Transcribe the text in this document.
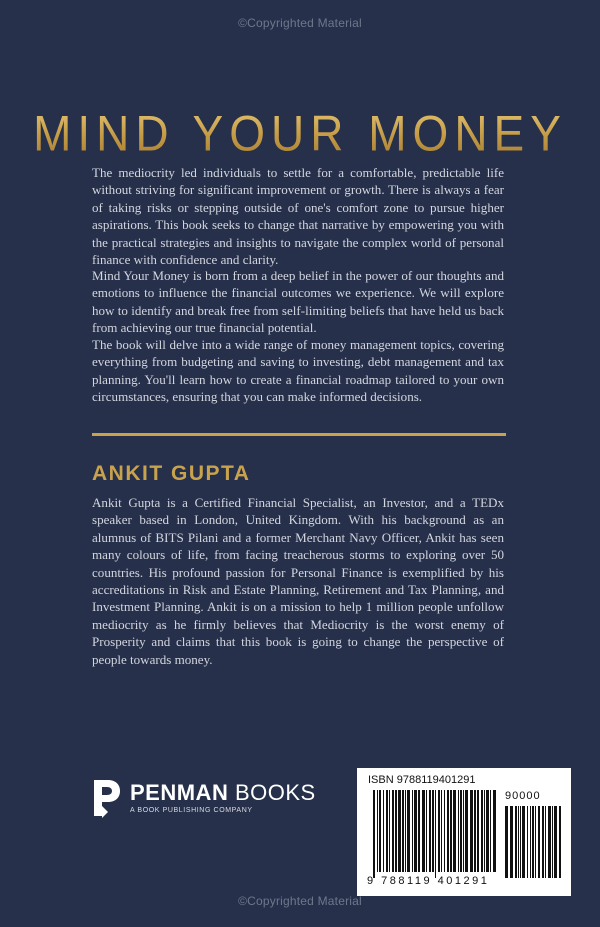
©Copyrighted Material
MIND YOUR MONEY

The mediocrity led individuals to settle for a comfortable, predictable life without striving for significant improvement or growth. There is always a fear of taking risks or stepping outside of one's comfort zone to pursue higher aspirations. This book seeks to change that narrative by empowering you with the practical strategies and insights to navigate the complex world of personal finance with confidence and clarity.

Mind Your Money is born from a deep belief in the power of our thoughts and emotions to influence the financial outcomes we experience. We will explore how to identify and break free from self-limiting beliefs that have held us back from achieving our true financial potential.

The book will delve into a wide range of money management topics, covering everything from budgeting and saving to investing, debt management and tax planning. You'll learn how to create a financial roadmap tailored to your own circumstances, ensuring that you can make informed decisions.

ANKIT GUPTA

Ankit Gupta is a Certified Financial Specialist, an Investor, and a TEDx speaker based in London, United Kingdom. With his background as an alumnus of BITS Pilani and a former Merchant Navy Officer, Ankit has seen many colours of life, from facing treacherous storms to exploring over 50 countries. His profound passion for Personal Finance is exemplified by his accreditations in Risk and Estate Planning, Retirement and Tax Planning, and Investment Planning. Ankit is on a mission to help 1 million people unfollow mediocrity as he firmly believes that Mediocrity is the worst enemy of Prosperity and claims that this book is going to change the perspective of people towards money.

PENMAN BOOKS
A BOOK PUBLISHING COMPANY
ISBN 9788119401291
90000
9 788119 401291
©Copyrighted Material
